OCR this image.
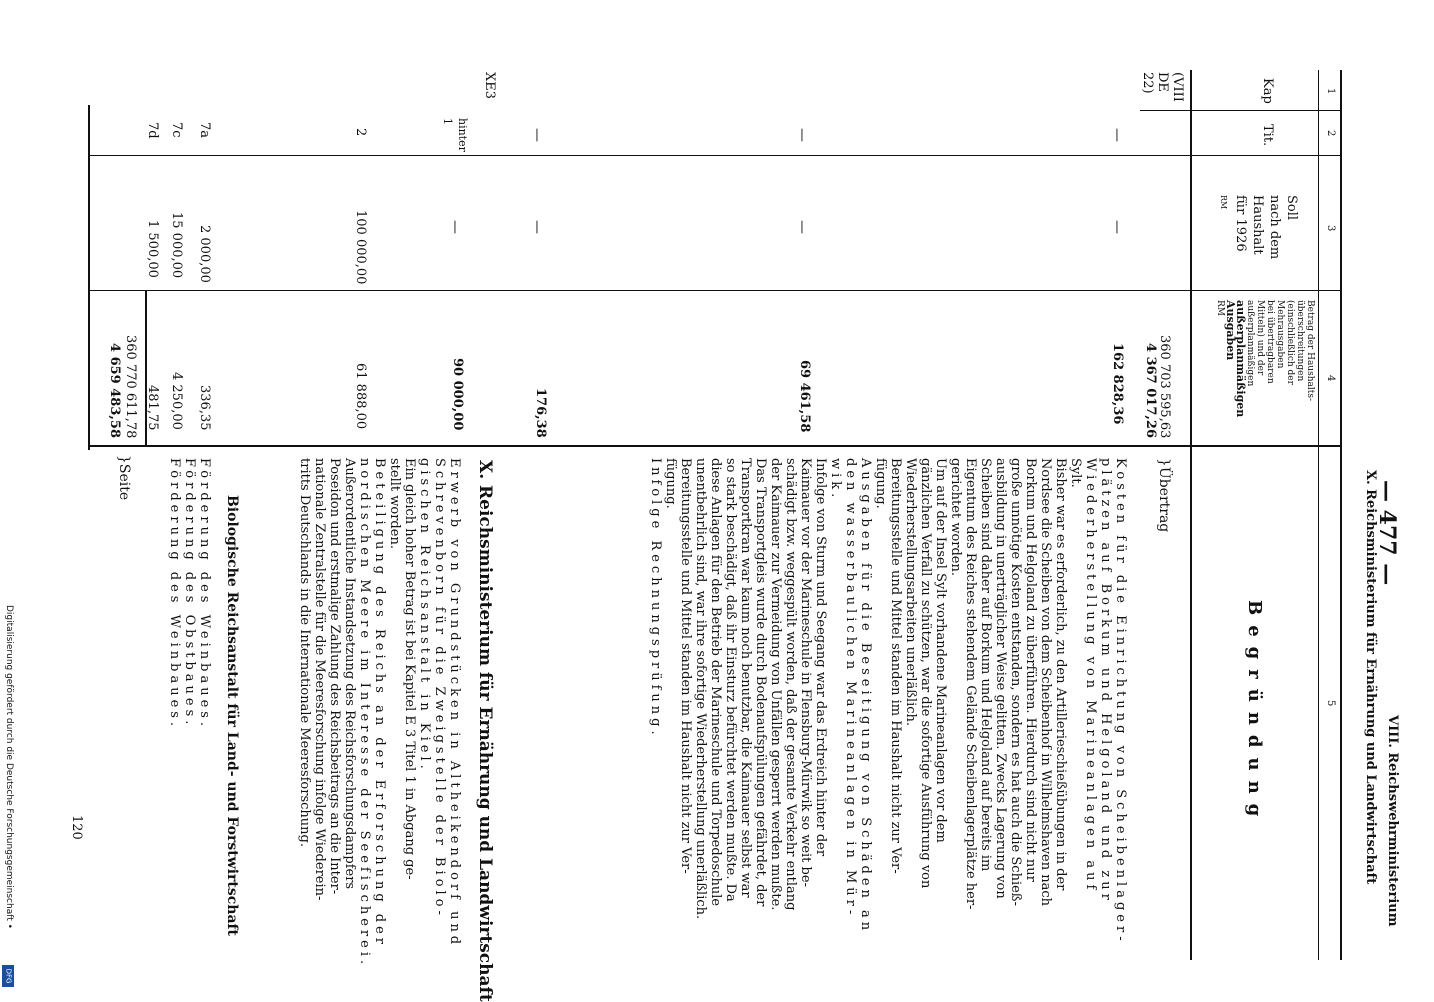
— 477 —
VIII. Reichswehrministerium
X. Reichsministerium für Ernährung und Landwirtschaft
Begründung
1
2
3
4
5
Kap
Tit.
Soll
nach dem
Haushalt
für 1926
RM
Betrag der Haushalts-
überschreitungen
(einschließlich der
Mehrausgaben
bei übertragbaren
Mitteln) und der
außerplanmäßigen
außerplanmäßigen
Ausgaben
RM
(VIII
DE
22)
XE3
hinter
1
—
—
—
—
—
—
—
360 703 595,63
4 367 017,26
162 828,36
69 461,58
176,38
90 000,00
61 888,00
336,35
4 250,00
481,75
360 770 611,78
4 659 483,58
100 000,00
2 000,00
15 000,00
1 500,00
2
7a
7c
7d
}Übertrag
Kosten für die Einrichtung von Scheibenlager-
plätzen auf Borkum und Helgoland und zur
Wiederherstellung von Marineanlagen auf
Sylt.
Bisher war es erforderlich, zu den Artillerieschießübungen in der
Nordsee die Scheiben von dem Scheibenhof in Wilhelmshaven nach
Borkum und Helgoland zu überführen. Hierdurch sind nicht nur
große unnötige Kosten entstanden, sondern es hat auch die Schieß-
ausbildung in unerträglicher Weise gelitten. Zwecks Lagerung von
Scheiben sind daher auf Borkum und Helgoland auf bereits im
Eigentum des Reiches stehendem Gelände Scheibenlagerplätze her-
gerichtet worden.
Um auf der Insel Sylt vorhandene Marineanlagen vor dem
gänzlichen Verfall zu schützen, war die sofortige Ausführung von
Wiederherstellungsarbeiten unerläßlich.
Bereitungsstelle und Mittel standen im Haushalt nicht zur Ver-
fügung.
Ausgaben für die Beseitigung von Schäden an
den wasserbaulichen Marineanlagen in Mür-
wik.
Infolge von Sturm und Seegang war das Erdreich hinter der
Kaimauer vor der Marineschule in Flensburg-Mürwik so weit be-
schädigt bzw. weggespült worden, daß der gesamte Verkehr entlang
der Kaimauer zur Vermeidung von Unfällen gesperrt werden mußte.
Das Transportgleis wurde durch Bodenaufspülungen gefährdet, der
Transportkran war kaum noch benutzbar, die Kaimauer selbst war
so stark beschädigt, daß ihr Einsturz befürchtet werden mußte. Da
diese Anlagen für den Betrieb der Marineschule und Torpedoschule
unentbehrlich sind, war ihre sofortige Wiederherstellung unerläßlich.
Bereitungsstelle und Mittel standen im Haushalt nicht zur Ver-
fügung.
Infolge Rechnungsprüfung.
X. Reichsministerium für Ernährung und Landwirtschaft
Erwerb von Grundstücken in Altheikendorf und
Schrevenborn für die Zweigstelle der Biolo-
gischen Reichsanstalt in Kiel.
Ein gleich hoher Betrag ist bei Kapitel E 3 Titel 1 in Abgang ge-
stellt worden.
Beteiligung des Reichs an der Erforschung der
nordischen Meere im Interesse der Seefischerei.
Außerordentliche Instandsetzung des Reichsforschungsdampfers
Poseidon und erstmalige Zahlung des Reichsbeitrags an die Inter-
nationale Zentralstelle für die Meeresforschung infolge Wiederein-
tritts Deutschlands in die Internationale Meeresforschung.
Biologische Reichsanstalt für Land- und Forstwirtschaft
Förderung des Weinbaues.
Förderung des Obstbaues.
Förderung des Weinbaues.
}Seite
120
Digitalisierung gefördert durch die Deutsche Forschungsgemeinschaft •
DFG
